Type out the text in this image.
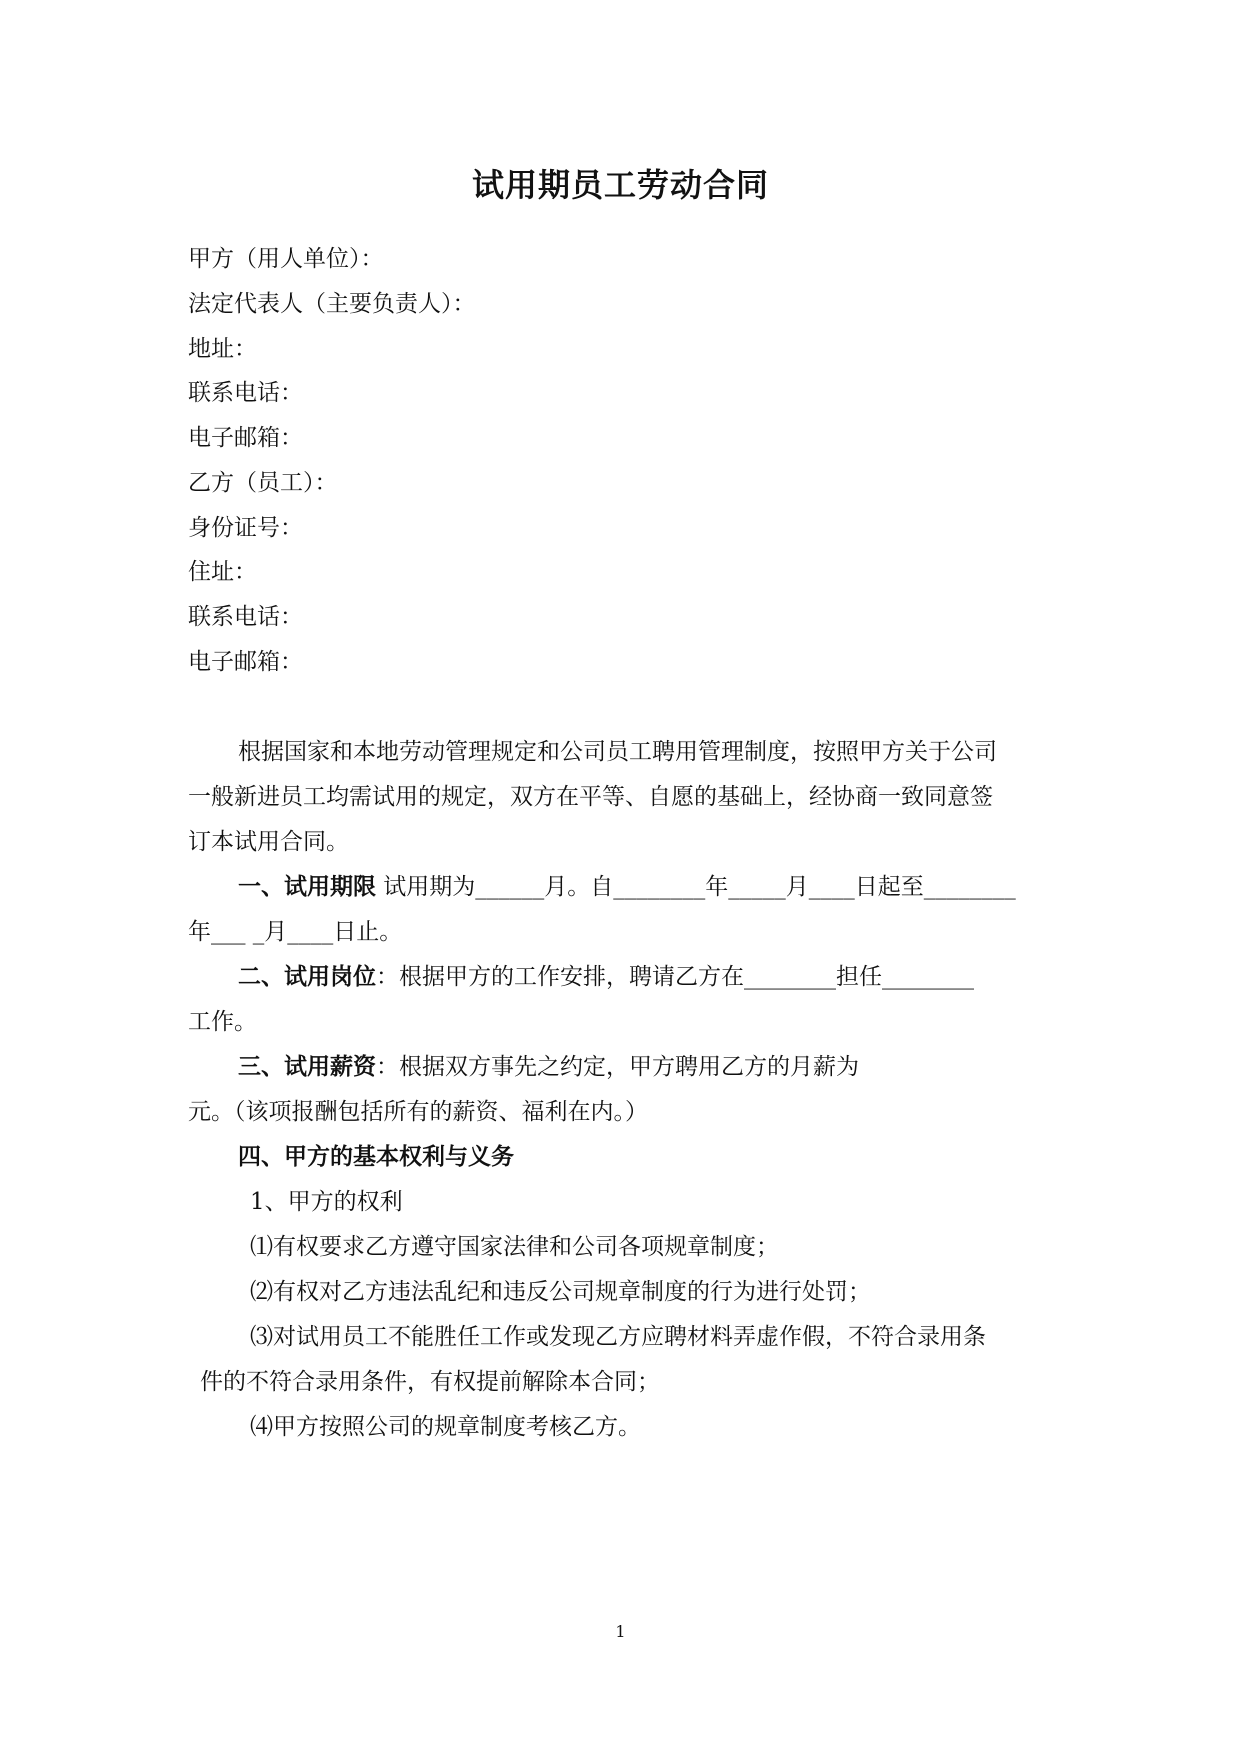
试用期员工劳动合同
甲方（用人单位）：
法定代表人（主要负责人）：
地址：
联系电话：
电子邮箱：
乙方（员工）：
身份证号：
住址：
联系电话：
电子邮箱：
根据国家和本地劳动管理规定和公司员工聘用管理制度，按照甲方关于公司
一般新进员工均需试用的规定，双方在平等、自愿的基础上，经协商一致同意签
订本试用合同。
一、试用期限 试用期为______月。自________年_____月____日起至________
年___ _月____日止。
二、试用岗位：根据甲方的工作安排，聘请乙方在________担任________
工作。
三、试用薪资：根据双方事先之约定，甲方聘用乙方的月薪为
元。（该项报酬包括所有的薪资、福利在内。）
四、甲方的基本权利与义务
1、甲方的权利
⑴有权要求乙方遵守国家法律和公司各项规章制度；
⑵有权对乙方违法乱纪和违反公司规章制度的行为进行处罚；
⑶对试用员工不能胜任工作或发现乙方应聘材料弄虚作假，不符合录用条
件的不符合录用条件，有权提前解除本合同；
⑷甲方按照公司的规章制度考核乙方。
1
